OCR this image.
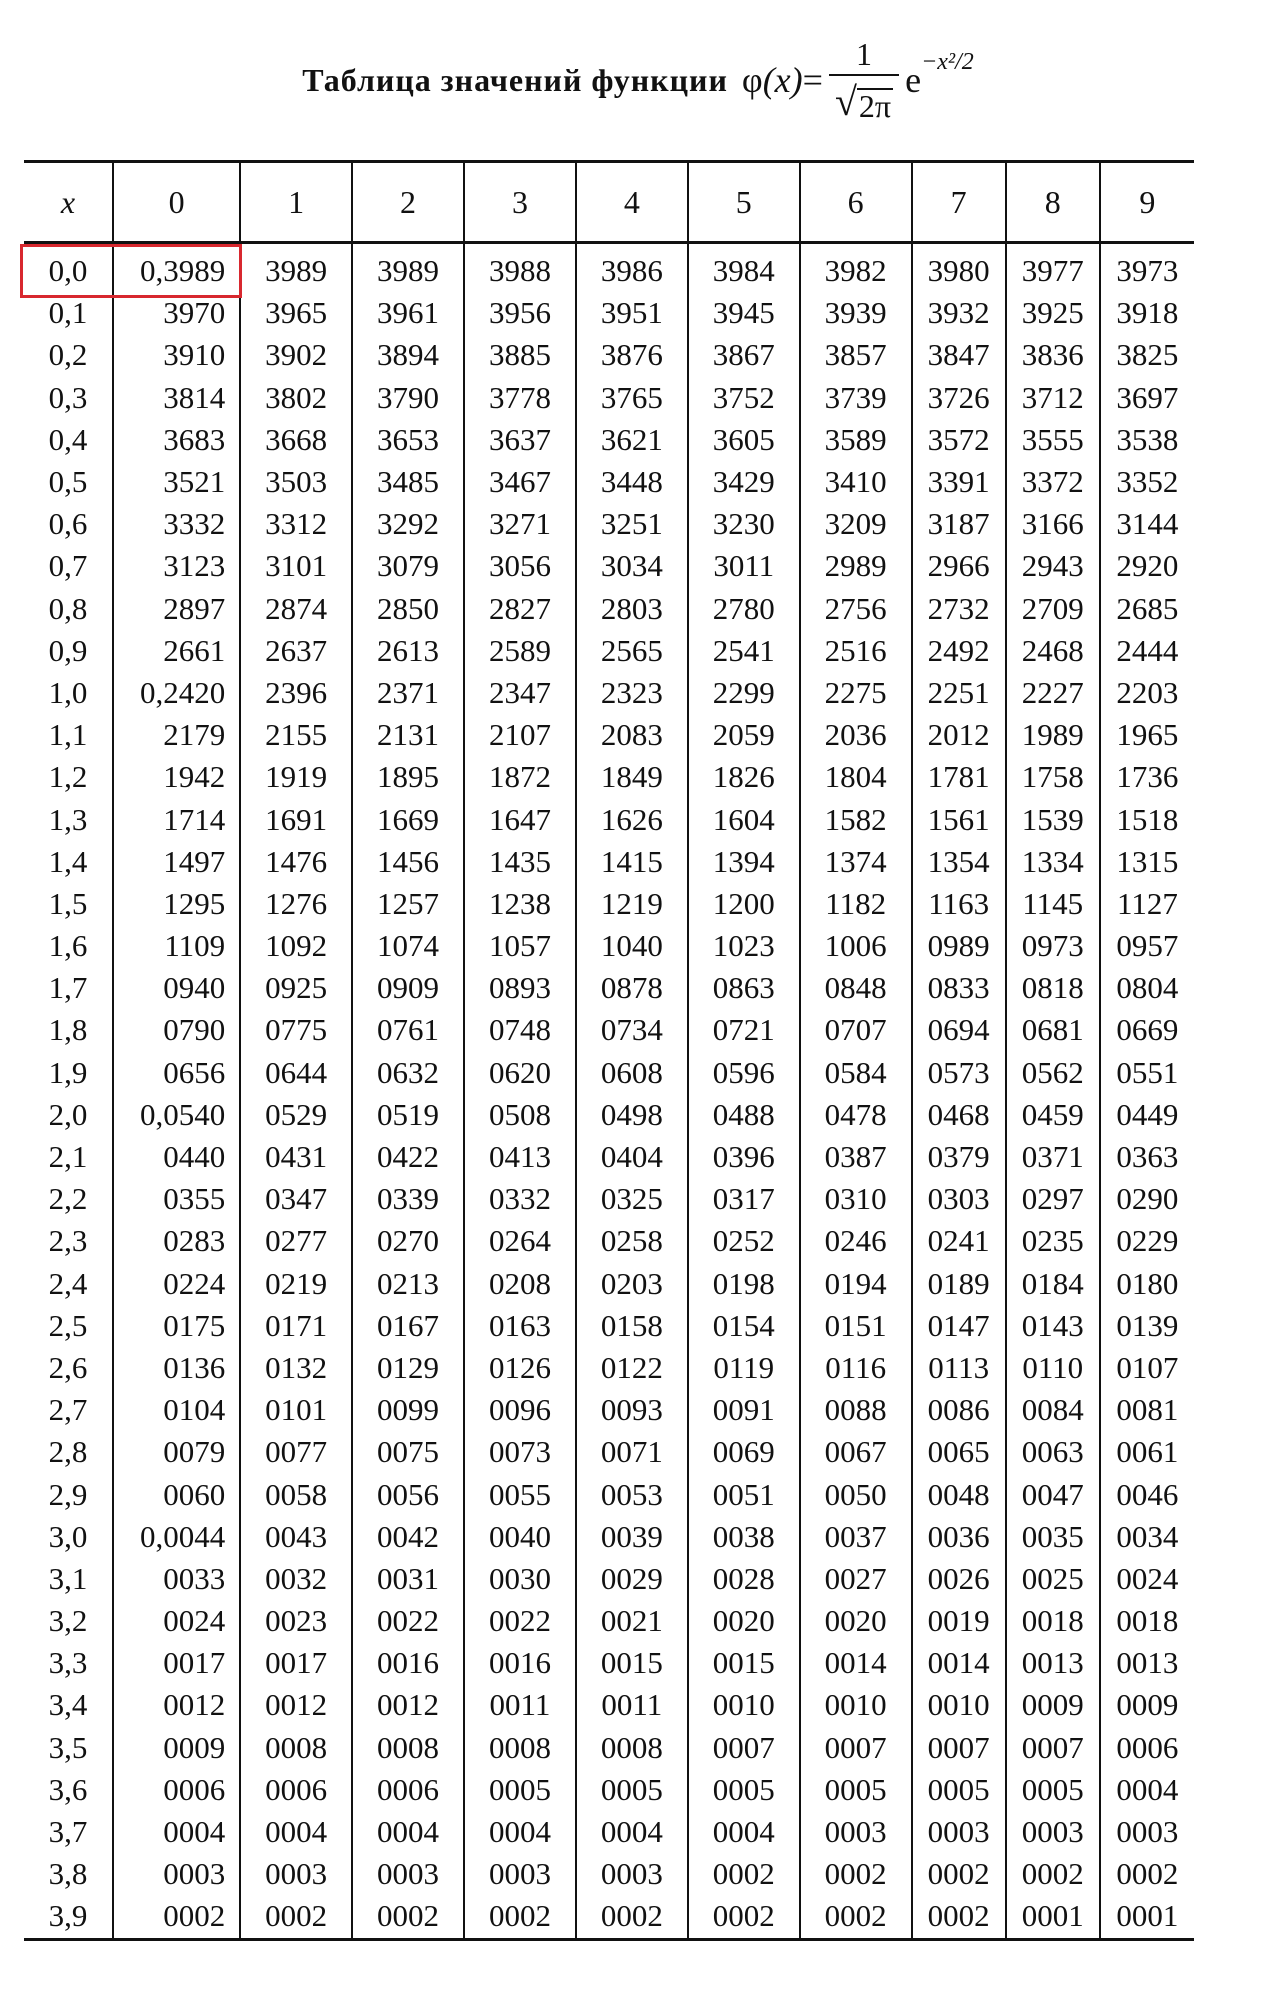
Таблица значений функции φ $(x) = \frac{1}{√ 2\pi}$ e −x²/2
x	0	1	2	3	4	5	6	7	8	9
0,0	0,3989	3989	3989	3988	3986	3984	3982	3980	3977	3973
0,1	3970	3965	3961	3956	3951	3945	3939	3932	3925	3918
0,2	3910	3902	3894	3885	3876	3867	3857	3847	3836	3825
0,3	3814	3802	3790	3778	3765	3752	3739	3726	3712	3697
0,4	3683	3668	3653	3637	3621	3605	3589	3572	3555	3538
0,5	3521	3503	3485	3467	3448	3429	3410	3391	3372	3352
0,6	3332	3312	3292	3271	3251	3230	3209	3187	3166	3144
0,7	3123	3101	3079	3056	3034	3011	2989	2966	2943	2920
0,8	2897	2874	2850	2827	2803	2780	2756	2732	2709	2685
0,9	2661	2637	2613	2589	2565	2541	2516	2492	2468	2444
1,0	0,2420	2396	2371	2347	2323	2299	2275	2251	2227	2203
1,1	2179	2155	2131	2107	2083	2059	2036	2012	1989	1965
1,2	1942	1919	1895	1872	1849	1826	1804	1781	1758	1736
1,3	1714	1691	1669	1647	1626	1604	1582	1561	1539	1518
1,4	1497	1476	1456	1435	1415	1394	1374	1354	1334	1315
1,5	1295	1276	1257	1238	1219	1200	1182	1163	1145	1127
1,6	1109	1092	1074	1057	1040	1023	1006	0989	0973	0957
1,7	0940	0925	0909	0893	0878	0863	0848	0833	0818	0804
1,8	0790	0775	0761	0748	0734	0721	0707	0694	0681	0669
1,9	0656	0644	0632	0620	0608	0596	0584	0573	0562	0551
2,0	0,0540	0529	0519	0508	0498	0488	0478	0468	0459	0449
2,1	0440	0431	0422	0413	0404	0396	0387	0379	0371	0363
2,2	0355	0347	0339	0332	0325	0317	0310	0303	0297	0290
2,3	0283	0277	0270	0264	0258	0252	0246	0241	0235	0229
2,4	0224	0219	0213	0208	0203	0198	0194	0189	0184	0180
2,5	0175	0171	0167	0163	0158	0154	0151	0147	0143	0139
2,6	0136	0132	0129	0126	0122	0119	0116	0113	0110	0107
2,7	0104	0101	0099	0096	0093	0091	0088	0086	0084	0081
2,8	0079	0077	0075	0073	0071	0069	0067	0065	0063	0061
2,9	0060	0058	0056	0055	0053	0051	0050	0048	0047	0046
3,0	0,0044	0043	0042	0040	0039	0038	0037	0036	0035	0034
3,1	0033	0032	0031	0030	0029	0028	0027	0026	0025	0024
3,2	0024	0023	0022	0022	0021	0020	0020	0019	0018	0018
3,3	0017	0017	0016	0016	0015	0015	0014	0014	0013	0013
3,4	0012	0012	0012	0011	0011	0010	0010	0010	0009	0009
3,5	0009	0008	0008	0008	0008	0007	0007	0007	0007	0006
3,6	0006	0006	0006	0005	0005	0005	0005	0005	0005	0004
3,7	0004	0004	0004	0004	0004	0004	0003	0003	0003	0003
3,8	0003	0003	0003	0003	0003	0002	0002	0002	0002	0002
3,9	0002	0002	0002	0002	0002	0002	0002	0002	0001	0001
